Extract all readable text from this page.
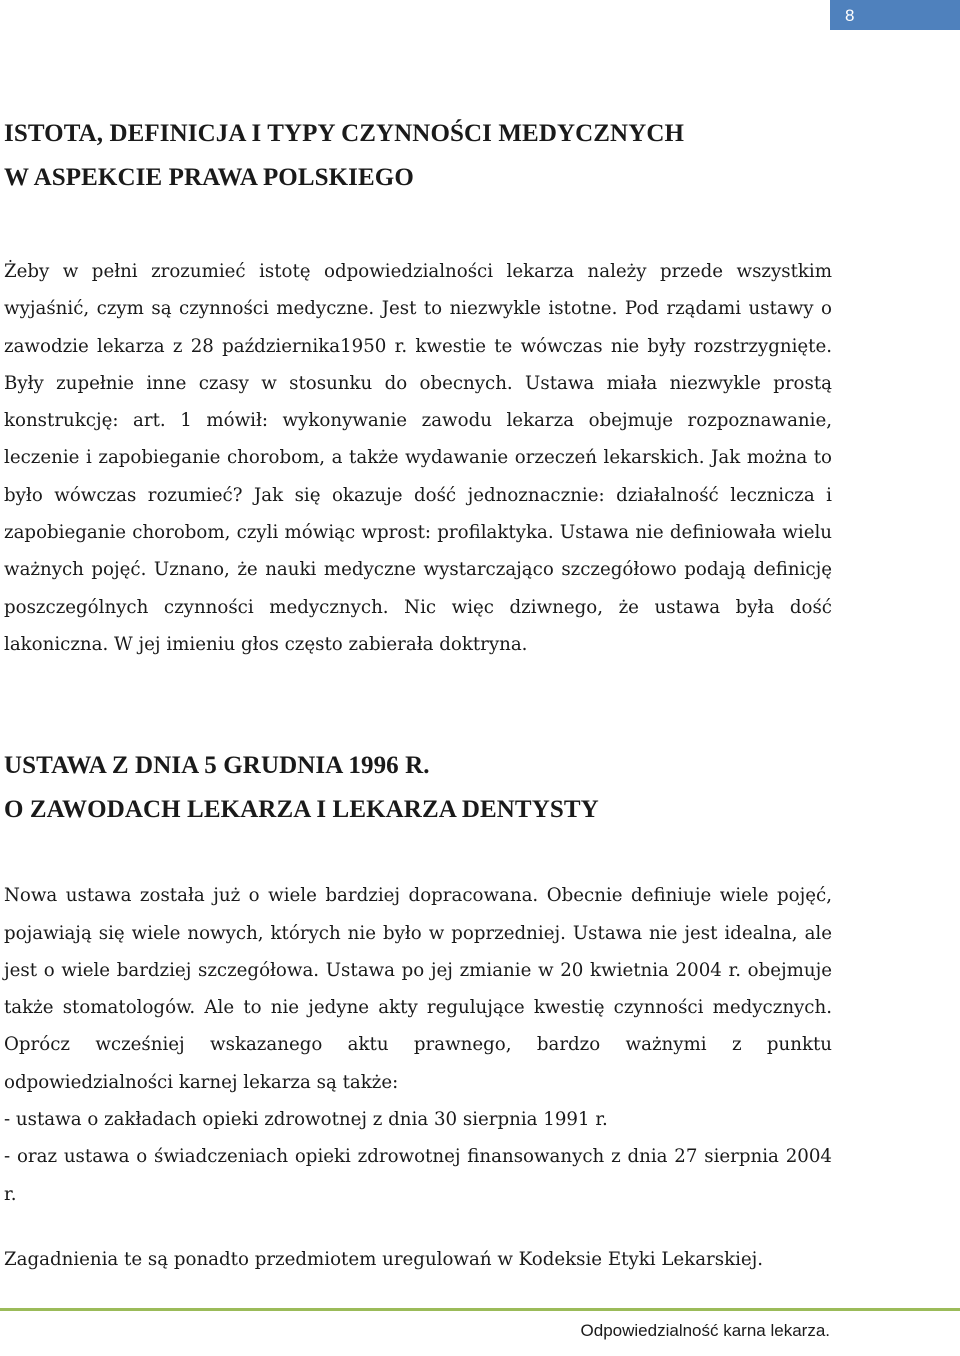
8
ISTOTA, DEFINICJA I TYPY CZYNNOŚCI MEDYCZNYCH
W ASPEKCIE PRAWA POLSKIEGO

Żeby w pełni zrozumieć istotę odpowiedzialności lekarza należy przede wszystkim wyjaśnić, czym są czynności medyczne. Jest to niezwykle istotne. Pod rządami ustawy o zawodzie lekarza z 28 października1950 r. kwestie te wówczas nie były rozstrzygnięte. Były zupełnie inne czasy w stosunku do obecnych. Ustawa miała niezwykle prostą konstrukcję: art. 1 mówił: wykonywanie zawodu lekarza obejmuje rozpoznawanie, leczenie i zapobieganie chorobom, a także wydawanie orzeczeń lekarskich. Jak można to było wówczas rozumieć? Jak się okazuje dość jednoznacznie: działalność lecznicza i zapobieganie chorobom, czyli mówiąc wprost: profilaktyka. Ustawa nie definiowała wielu ważnych pojęć. Uznano, że nauki medyczne wystarczająco szczegółowo podają definicję poszczególnych czynności medycznych. Nic więc dziwnego, że ustawa była dość lakoniczna. W jej imieniu głos często zabierała doktryna.

USTAWA Z DNIA 5 GRUDNIA 1996 R.
O ZAWODACH LEKARZA I LEKARZA DENTYSTY

Nowa ustawa została już o wiele bardziej dopracowana. Obecnie definiuje wiele pojęć, pojawiają się wiele nowych, których nie było w poprzedniej. Ustawa nie jest idealna, ale jest o wiele bardziej szczegółowa. Ustawa po jej zmianie w 20 kwietnia 2004 r. obejmuje także stomatologów. Ale to nie jedyne akty regulujące kwestię czynności medycznych. Oprócz wcześniej wskazanego aktu prawnego, bardzo ważnymi z punktu odpowiedzialności karnej lekarza są także:

- ustawa o zakładach opieki zdrowotnej z dnia 30 sierpnia 1991 r.
- oraz ustawa o świadczeniach opieki zdrowotnej finansowanych z dnia 27 sierpnia 2004 r.

Zagadnienia te są ponadto przedmiotem uregulowań w Kodeksie Etyki Lekarskiej.

Odpowiedzialność karna lekarza.
